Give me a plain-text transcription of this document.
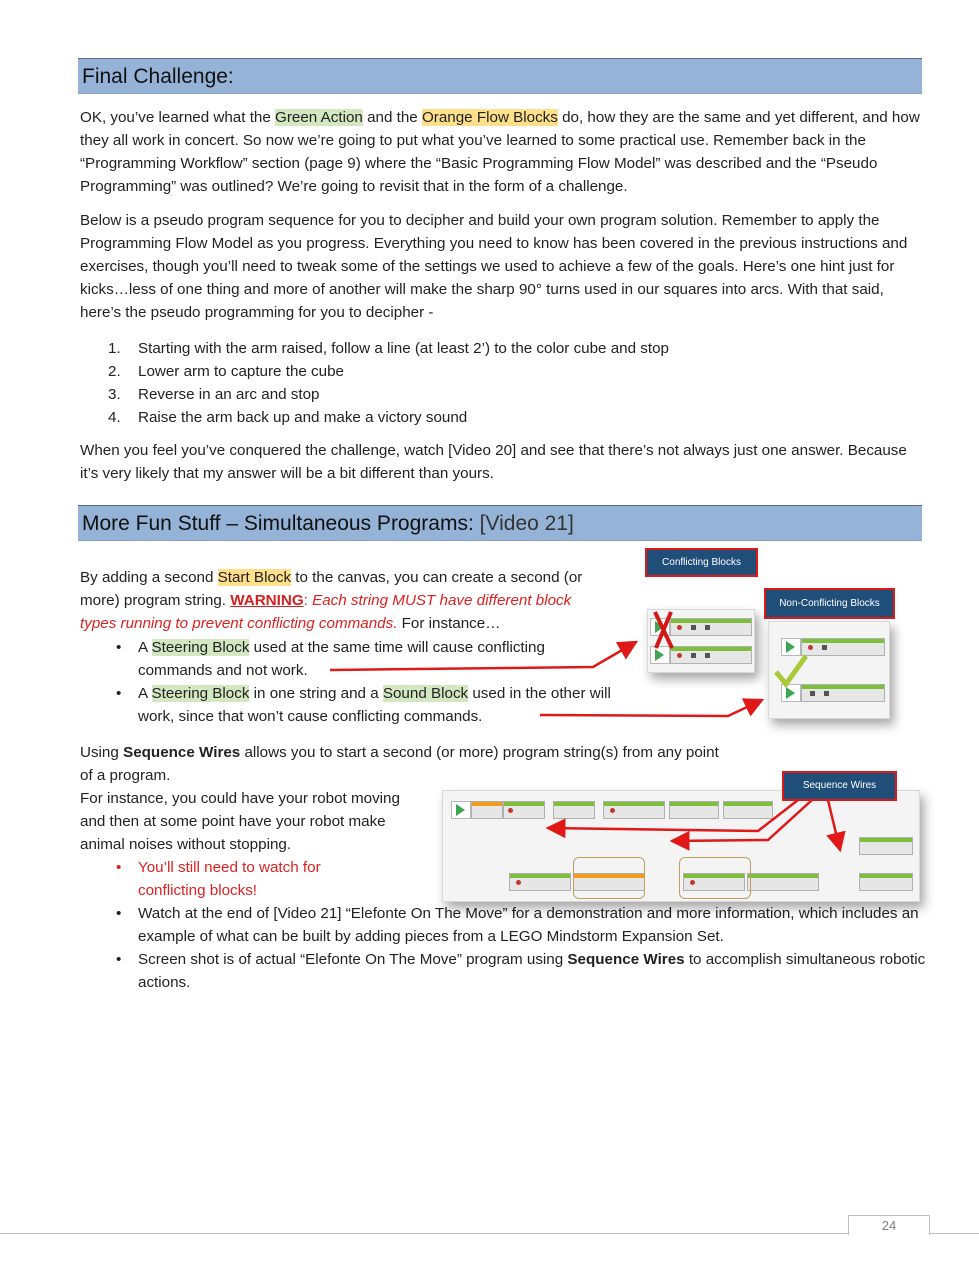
Final Challenge:

OK, you’ve learned what the Green Action and the Orange Flow Blocks do, how they are the same and yet different, and how they all work in concert. So now we’re going to put what you’ve learned to some practical use. Remember back in the “Programming Workflow” section (page 9) where the “Basic Programming Flow Model” was described and the “Pseudo Programming” was outlined? We’re going to revisit that in the form of a challenge.

Below is a pseudo program sequence for you to decipher and build your own program solution. Remember to apply the Programming Flow Model as you progress. Everything you need to know has been covered in the previous instructions and exercises, though you’ll need to tweak some of the settings we used to achieve a few of the goals. Here’s one hint just for kicks…less of one thing and more of another will make the sharp 90° turns used in our squares into arcs. With that said, here’s the pseudo programming for you to decipher -

1. Starting with the arm raised, follow a line (at least 2’) to the color cube and stop
2. Lower arm to capture the cube
3. Reverse in an arc and stop
4. Raise the arm back up and make a victory sound

When you feel you’ve conquered the challenge, watch [Video 20] and see that there’s not always just one answer. Because it’s very likely that my answer will be a bit different than yours.

More Fun Stuff – Simultaneous Programs: [Video 21]

By adding a second Start Block to the canvas, you can create a second (or more) program string. WARNING: Each string MUST have different block types running to prevent conflicting commands. For instance…

• A Steering Block used at the same time will cause conflicting commands and not work.
• A Steering Block in one string and a Sound Block used in the other will work, since that won’t cause conflicting commands.

Using Sequence Wires allows you to start a second (or more) program string(s) from any point of a program.

For instance, you could have your robot moving and then at some point have your robot make animal noises without stopping.

• You’ll still need to watch for conflicting blocks!
• Watch at the end of [Video 21] “Elefonte On The Move” for a demonstration and more information, which includes an example of what can be built by adding pieces from a LEGO Mindstorm Expansion Set.
• Screen shot is of actual “Elefonte On The Move” program using Sequence Wires to accomplish simultaneous robotic actions.
Conflicting Blocks
Non-Conflicting Blocks
Sequence Wires
24
